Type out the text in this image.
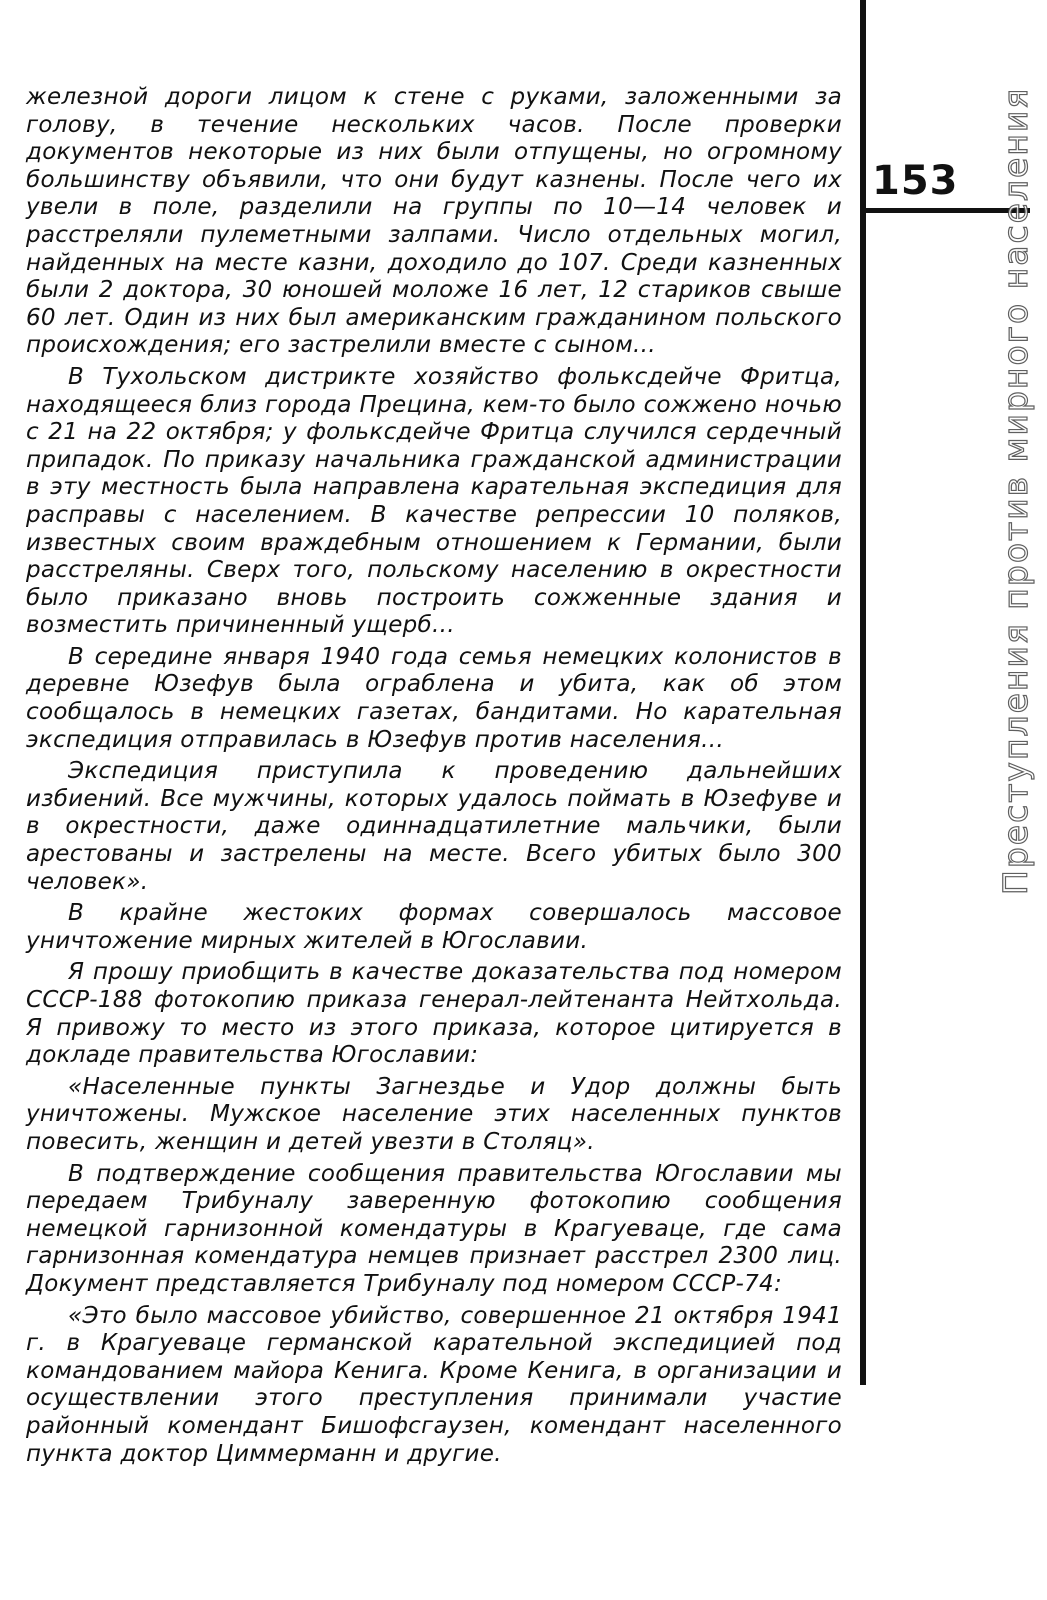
железной дороги лицом к стене с руками, заложенными за голову, в течение нескольких часов. После проверки документов некоторые из них были отпущены, но огромному большинству объявили, что они будут казнены. После чего их увели в поле, разделили на группы по 10—14 человек и расстреляли пулеметными залпами. Число отдельных могил, найденных на месте казни, доходило до 107. Среди казненных были 2 доктора, 30 юношей моложе 16 лет, 12 стариков свыше 60 лет. Один из них был американским гражданином польского происхождения; его застрелили вместе с сыном...

В Тухольском дистрикте хозяйство фольксдейче Фритца, находящееся близ города Прецина, кем-то было сожжено ночью с 21 на 22 октября; у фольксдейче Фритца случился сердечный припадок. По приказу начальника гражданской администрации в эту местность была направлена карательная экспедиция для расправы с населением. В качестве репрессии 10 поляков, известных своим враждебным отношением к Германии, были расстреляны. Сверх того, польскому населению в окрестности было приказано вновь построить сожженные здания и возместить причиненный ущерб...

В середине января 1940 года семья немецких колонистов в деревне Юзефув была ограблена и убита, как об этом сообщалось в немецких газетах, бандитами. Но карательная экспедиция отправилась в Юзефув против населения...

Экспедиция приступила к проведению дальнейших избиений. Все мужчины, которых удалось поймать в Юзефуве и в окрестности, даже одиннадцатилетние мальчики, были арестованы и застрелены на месте. Всего убитых было 300 человек».

В крайне жестоких формах совершалось массовое уничтожение мирных жителей в Югославии.

Я прошу приобщить в качестве доказательства под номером СССР-188 фотокопию приказа генерал-лейтенанта Нейтхольда. Я привожу то место из этого приказа, которое цитируется в докладе правительства Югославии:

«Населенные пункты Загнездье и Удор должны быть уничтожены. Мужское население этих населенных пунктов повесить, женщин и детей увезти в Столяц».

В подтверждение сообщения правительства Югославии мы передаем Трибуналу заверенную фотокопию сообщения немецкой гарнизонной комендатуры в Крагуеваце, где сама гарнизонная комендатура немцев признает расстрел 2300 лиц. Документ представляется Трибуналу под номером СССР-74:

«Это было массовое убийство, совершенное 21 октября 1941 г. в Крагуеваце германской карательной экспедицией под командованием майора Кенига. Кроме Кенига, в организации и осуществлении этого преступления принимали участие районный комендант Бишофсгаузен, комендант населенного пункта доктор Циммерманн и другие.

153 Преступления против мирного населения
